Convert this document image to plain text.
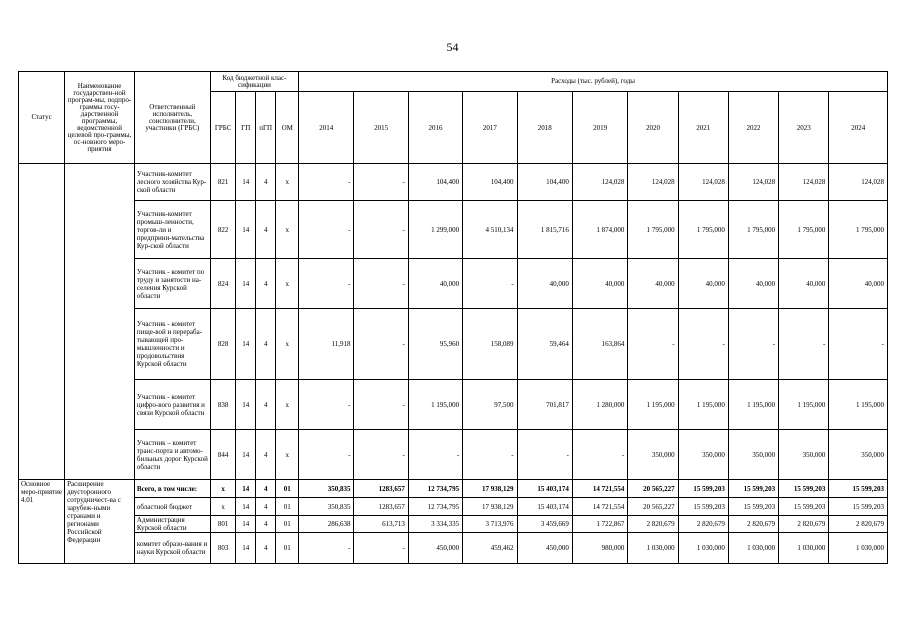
54
Статус	Наименование государствен-ной програм-мы, подпро-граммы госу-дарственной программы, ведомственной целевой про-граммы, ос-новного меро-приятия	Ответственный исполнитель, соисполнители, участники (ГРБС)	Код бюджетной клас-сификации				Расходы (тыс. рублей), годы										
			ГРБС	ГП	пГП	ОМ	2014	2015	2016	2017	2018	2019	2020	2021	2022	2023	2024
		Участник-комитет лесного хозяйства Кур-ской области	821	14	4	х	-	-	104,400	104,400	104,400	124,028	124,028	124,028	124,028	124,028	124,028
		Участник-комитет промыш-ленности, торгов-ли и предприни-мательства Кур-ской области	822	14	4	х	-	-	1 299,000	4 510,134	1 815,716	1 874,000	1 795,000	1 795,000	1 795,000	1 795,000	1 795,000
		Участник - комитет по труду и занятости на-селения Курской области	824	14	4	х	-	-	40,000	-	40,000	40,000	40,000	40,000	40,000	40,000	40,000
		Участник - комитет пище-вой и перераба-тывающей про-мышленности и продовольствия Курской области	828	14	4	х	11,918	-	95,960	158,089	59,464	163,864	-	-	-	-	-
		Участник - комитет цифро-вого развития и связи Курской области	838	14	4	х	-	-	1 195,000	97,500	701,817	1 280,000	1 195,000	1 195,000	1 195,000	1 195,000	1 195,000
		Участник – комитет транс-порта и автомо-бильных дорог Курской области	844	14	4	х	-	-	-	-	-	-	350,000	350,000	350,000	350,000	350,000
Основное меро-приятие 4.01	Расширение двусторонного сотрудничест-ва с зарубеж-ными странами и регионами Российской Федерации	Всего, в том числе:	х	14	4	01	350,835	1283,657	12 734,795	17 938,129	15 403,174	14 721,554	20 565,227	15 599,203	15 599,203	15 599,203	15 599,203
		областной бюджет	х	14	4	01	350,835	1283,657	12 734,795	17 938,129	15 403,174	14 721,554	20 565,227	15 599,203	15 599,203	15 599,203	15 599,203
		Администрация Курской области	801	14	4	01	286,638	613,713	3 334,335	3 713,976	3 459,669	1 722,867	2 820,679	2 820,679	2 820,679	2 820,679	2 820,679
		комитет образо-вания и науки Курской области	803	14	4	01	-	-	450,000	459,462	450,000	980,000	1 030,000	1 030,000	1 030,000	1 030,000	1 030,000
